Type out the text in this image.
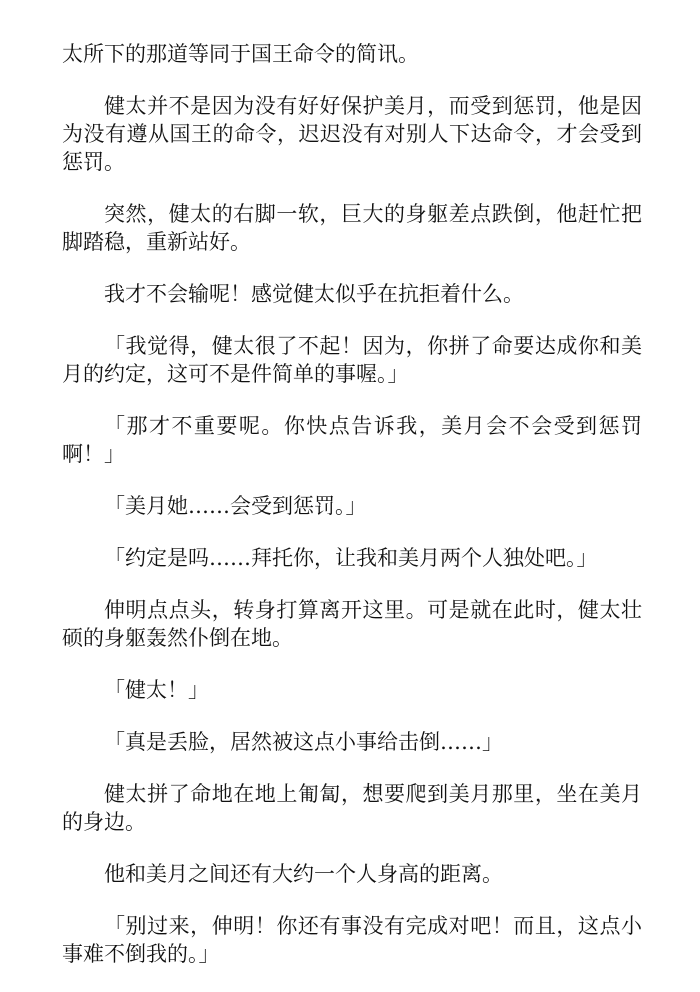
太所下的那道等同于国王命令的简讯。

健太并不是因为没有好好保护美月，而受到惩罚，他是因为没有遵从国王的命令，迟迟没有对别人下达命令，才会受到惩罚。

突然，健太的右脚一软，巨大的身躯差点跌倒，他赶忙把脚踏稳，重新站好。

我才不会输呢！感觉健太似乎在抗拒着什么。

「我觉得，健太很了不起！因为，你拼了命要达成你和美月的约定，这可不是件简单的事喔。」

「那才不重要呢。你快点告诉我，美月会不会受到惩罚啊！」

「美月她……会受到惩罚。」

「约定是吗……拜托你，让我和美月两个人独处吧。」

伸明点点头，转身打算离开这里。可是就在此时，健太壮硕的身躯轰然仆倒在地。

「健太！」

「真是丢脸，居然被这点小事给击倒……」

健太拼了命地在地上匍匐，想要爬到美月那里，坐在美月的身边。

他和美月之间还有大约一个人身高的距离。

「别过来，伸明！你还有事没有完成对吧！而且，这点小事难不倒我的。」
